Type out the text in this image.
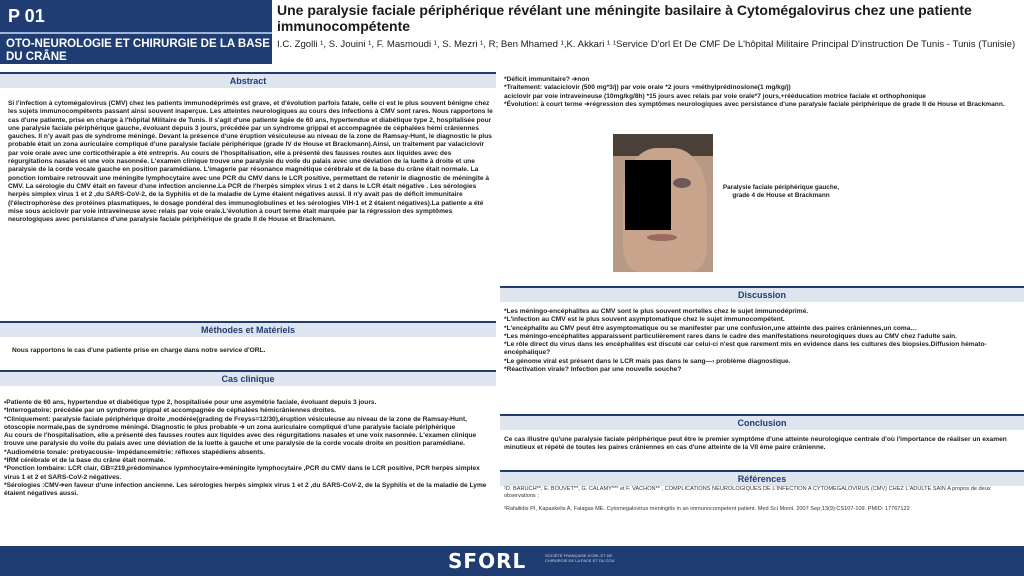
P 01
OTO-NEUROLOGIE ET CHIRURGIE DE LA BASE DU CRÂNE
Une paralysie faciale périphérique révélant une méningite basilaire à Cytomégalovirus chez une patiente immunocompétente
I.C. Zgolli ¹, S. Jouini ¹, F. Masmoudi ¹, S. Mezri ¹, R; Ben Mhamed ¹,K. Akkari ¹ ¹Service D'orl Et De CMF De L'hôpital Militaire Principal D'instruction De Tunis - Tunis (Tunisie)
Abstract
Si l'infection à cytomégalovirus (CMV) chez les patients immunodéprimés est grave, et d'évolution parfois fatale, celle ci est le plus souvent bénigne chez les sujets immunocompétents passant ainsi souvent inaperçue. Les atteintes neurologiques au cours des infections à CMV sont rares. Nous rapportons le cas d'une patiente, prise en charge à l'hôpital Militaire de Tunis. Il s'agit d'une patiente âgée de 60 ans, hypertendue et diabétique type 2, hospitalisée pour une paralysie faciale périphérique gauche, évoluant depuis 3 jours, précédée par un syndrome grippal et accompagnée de céphalées hémi crâniennes gauches. Il n'y avait pas de syndrome méningé. Devant la présence d'une éruption vésiculeuse au niveau de la zone de Ramsay-Hunt, le diagnostic le plus probable était un zona auriculaire compliqué d'une paralysie faciale périphérique (grade IV de House et Brackmann).Ainsi, un traitement par valaciclovir par voie orale avec une corticothérapie a été entrepris. Au cours de l'hospitalisation, elle a présenté des fausses routes aux liquides avec des régurgitations nasales et une voix nasonnée. L'examen clinique trouve une paralysie du voile du palais avec une déviation de la luette à droite et une paralysie de la corde vocale gauche en position paramédiane. L'imagerie par résonance magnétique cérébrale et de la base du crâne était normale. La ponction lombaire retrouvait une méningite lymphocytaire avec une PCR du CMV dans le LCR positive, permettant de retenir le diagnostic de méningite à CMV. La sérologie du CMV était en faveur d'une infection ancienne.La PCR de l'herpès simplex virus 1 et 2 dans le LCR était négative . Les sérologies herpès simplex virus 1 et 2 ,du SARS-CoV-2, de la Syphilis et de la maladie de Lyme étaient négatives aussi. Il n'y avait pas de déficit immunitaire (l'électrophorèse des protéines plasmatiques, le dosage pondéral des immunoglobulines et les sérologies VIH-1 et 2 étaient négatives).La patiente a été mise sous aciclovir par voie intraveineuse avec relais par voie orale.L'évolution à court terme était marquée par la régression des symptômes neurologiques avec persistance d'une paralysie faciale périphérique de grade II de House et Brackmann.
Méthodes et Matériels
Nous rapportons le cas d'une patiente prise en charge dans notre service d'ORL.
Cas clinique
•Patiente de 60 ans, hypertendue et diabétique type 2, hospitalisée pour une asymétrie faciale, évoluant depuis 3 jours.
*Interrogatoire: précédée par un syndrome grippal et accompagnée de céphalées hémicrâniennes droites.
*Cliniquement: paralysie faciale périphérique droite ,modérée(grading de Freyss=12/30),éruption vésiculeuse au niveau de la zone de Ramsay-Hunt, otoscopie normale,pas de syndrome méningé. Diagnostic le plus probable ➔ un zona auriculaire compliqué d'une paralysie faciale périphérique
Au cours de l'hospitalisation, elle a présenté des fausses routes aux liquides avec des régurgitations nasales et une voix nasonnée. L'examen clinique trouve une paralysie du voile du palais avec une déviation de la luette à gauche et une paralysie de la corde vocale droite en position paramédiane.
*Audiométrie tonale: prebyacousie- Impédancemétrie: réflexes stapédiens absents.
*IRM cérébrale et de la base du crâne était normale.
*Ponction lombaire: LCR clair, GB=219,prédominance lypmhocytaire➔méningite lymphocytaire ,PCR du CMV dans le LCR positive, PCR herpès simplex virus 1 et 2 et SARS-CoV-2 négatives.
*Sérologies :CMV➔en faveur d'une infection ancienne. Les sérologies herpès simplex virus 1 et 2 ,du SARS-CoV-2, de la Syphilis et de la maladie de Lyme étaient négatives aussi.
*Déficit immunitaire? ➔non
*Traitement: valaciclovir (500 mg*3/j) par voie orale *2 jours +méthylprédinoslone(1 mg/kg/j)
aciclovir par voie intraveineuse (10mg/kg/8h) *15 jours avec relais par voie orale*7 jours,+rééducation motrice faciale et orthophonique
*Évolution: à court terme ➔régression des symptômes neurologiques avec persistance d'une paralysie faciale périphérique de grade II de House et Brackmann.
Paralysie faciale périphérique gauche, grade 4 de House et Brackmann
Discussion
*Les méningo-encéphalites au CMV sont le plus souvent mortelles chez le sujet immunodéprimé.
*L'infection au CMV est le plus souvent asymptomatique chez le sujet immunocompétent.
*L'encéphalite au CMV peut être asymptomatique ou se manifester par une confusion,une atteinte des paires crâniennes,un coma…
*Les méningo-encéphalites apparaissent particulièrement rares dans le cadre des manifestations neurologiques dues au CMV chez l'adulte sain.
*Le rôle direct du virus dans les encéphalites est discuté car celui-ci n'est que rarement mis en evidence dans les cultures des biopsies.Diffusion hémato-encéphalique?
*Le génome viral est présent dans le LCR mais pas dans le sang—› problème diagnostique.
*Réactivation virale? Infection par une nouvelle souche?
Conclusion
Ce cas illustre qu'une paralysie faciale périphérique peut être le premier symptôme d'une atteinte neurologique centrale d'où l'importance de réaliser un examen minutieux et répété de toutes les paires crâniennes en cas d'une atteinte de la VII ème paire crânienne.
Références
¹D. BARUCH**, E. BOUVET**, G. CALAMY*** et F. VACHON** , COMPLICATIONS NEUROLOGIQUES DE L'INFECTION A CYTOMEGALOVIRUS (CMV) CHEZ L'ADULTE SAIN A propos de deux observations ;
²Rafailidis PI, Kapaskelis A, Falagas ME. Cytomegalovirus meningitis in an immunocompetent patient. Med Sci Monit. 2007 Sep;13(9):CS107-109. PMID: 17767122
SFORL	SOCIÉTÉ FRANÇAISE D'ORL ET DE CHIRURGIE DE LA FACE ET DU COU
